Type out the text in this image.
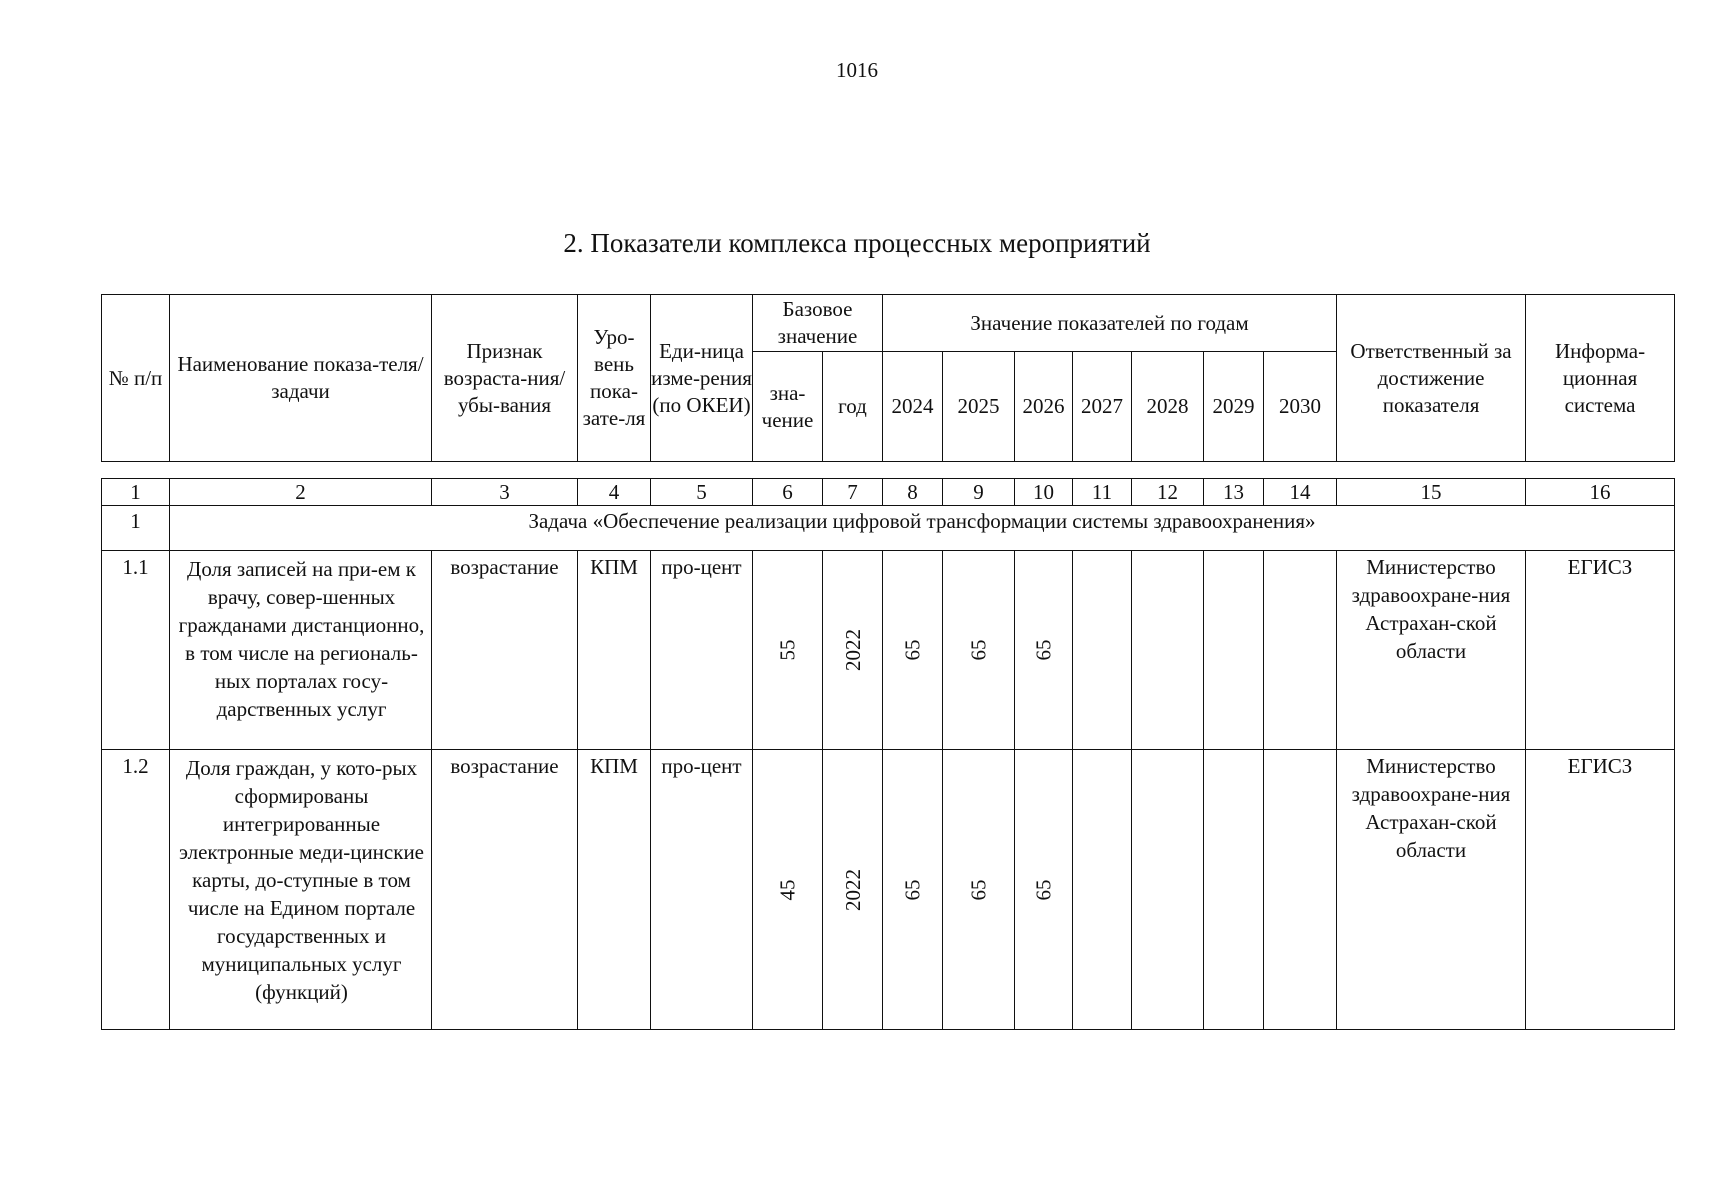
1016
2. Показатели комплекса процессных мероприятий
№ п/п	Наименование показа-теля/задачи	Признак возраста-ния/ убы-вания	Уро-вень пока-зате-ля	Еди-ница изме-рения (по ОКЕИ)	Базовое значение		Значение показателей по годам							Ответственный за достижение показателя	Информа-ционная система
					зна-чение	год	2024	2025	2026	2027	2028	2029	2030		
1	2	3	4	5	6	7	8	9	10	11	12	13	14	15	16
1	Задача «Обеспечение реализации цифровой трансформации системы здравоохранения»														
1.1	Доля записей на при-ем к врачу, совер-шенных гражданами дистанционно, в том числе на региональ-ных порталах госу-дарственных услуг	возрастание	КПМ	про-цент	55	2022	65	65	65					Министерство здравоохране-ния Астрахан-ской области	ЕГИСЗ
1.2	Доля граждан, у кото-рых сформированы интегрированные электронные меди-цинские карты, до-ступные в том числе на Едином портале государственных и муниципальных услуг (функций)	возрастание	КПМ	про-цент	45	2022	65	65	65					Министерство здравоохране-ния Астрахан-ской области	ЕГИСЗ
